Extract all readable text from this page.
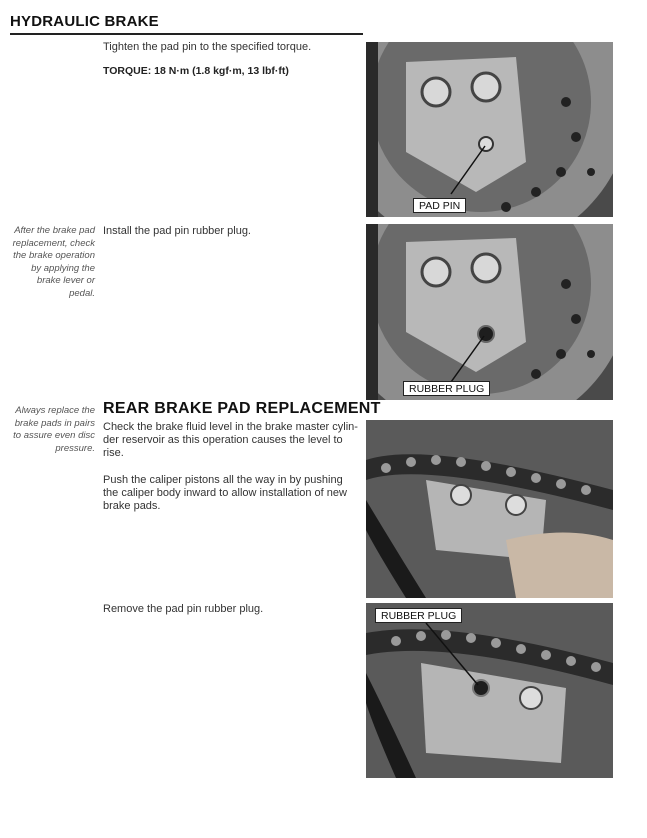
HYDRAULIC BRAKE
Tighten the pad pin to the specified torque.
TORQUE: 18 N·m (1.8 kgf·m, 13 lbf·ft)
After the brake pad
replacement, check
the brake operation
by applying the
brake lever or
pedal.
Install the pad pin rubber plug.
Always replace the
brake pads in pairs
to assure even disc
pressure.
REAR BRAKE PAD REPLACEMENT
Check the brake fluid level in the brake master cylin-
der reservoir as this operation causes the level to
rise.
Push the caliper pistons all the way in by pushing
the caliper body inward to allow installation of new
brake pads.
Remove the pad pin rubber plug.
PAD PIN
RUBBER PLUG
RUBBER PLUG
